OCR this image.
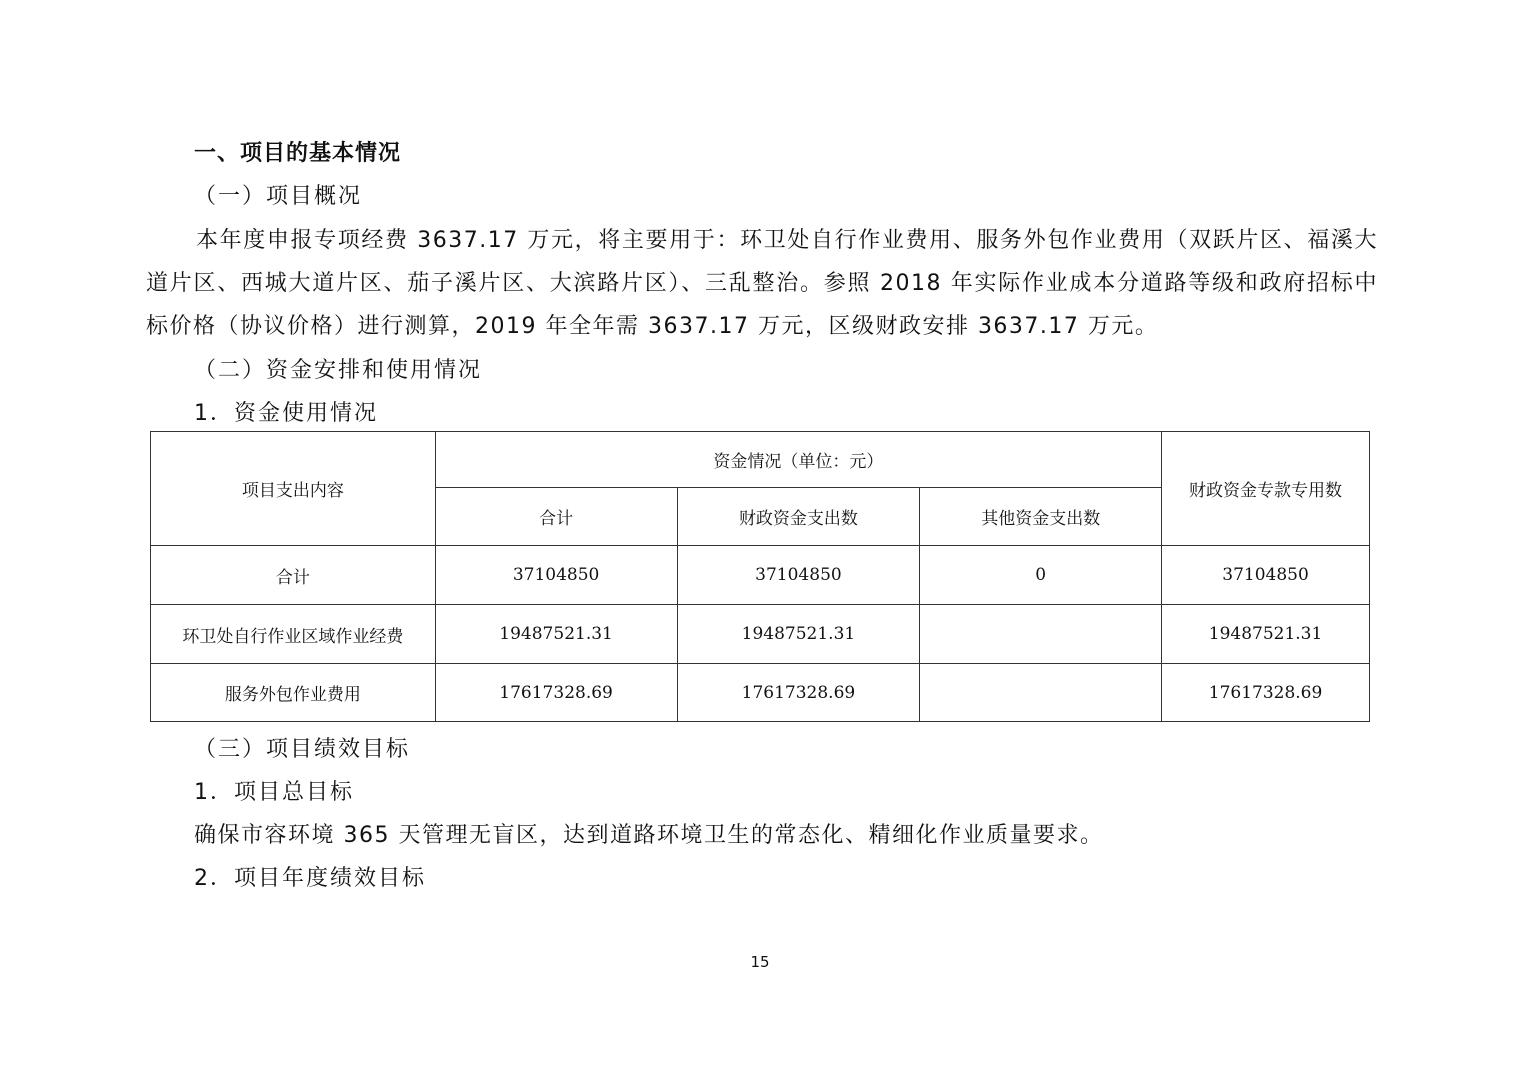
一、项目的基本情况
（一）项目概况
本年度申报专项经费 3637.17 万元，将主要用于：环卫处自行作业费用、服务外包作业费用（双跃片区、福溪大道片区、西城大道片区、茄子溪片区、大滨路片区）、三乱整治。参照 2018 年实际作业成本分道路等级和政府招标中标价格（协议价格）进行测算，2019 年全年需 3637.17 万元，区级财政安排 3637.17 万元。
（二）资金安排和使用情况
1．资金使用情况
项目支出内容	资金情况（单位：元）			财政资金专款专用数
	合计	财政资金支出数	其他资金支出数	
合计	37104850	37104850	0	37104850
环卫处自行作业区域作业经费	19487521.31	19487521.31		19487521.31
服务外包作业费用	17617328.69	17617328.69		17617328.69
（三）项目绩效目标
1．项目总目标
确保市容环境 365 天管理无盲区，达到道路环境卫生的常态化、精细化作业质量要求。
2．项目年度绩效目标
15
